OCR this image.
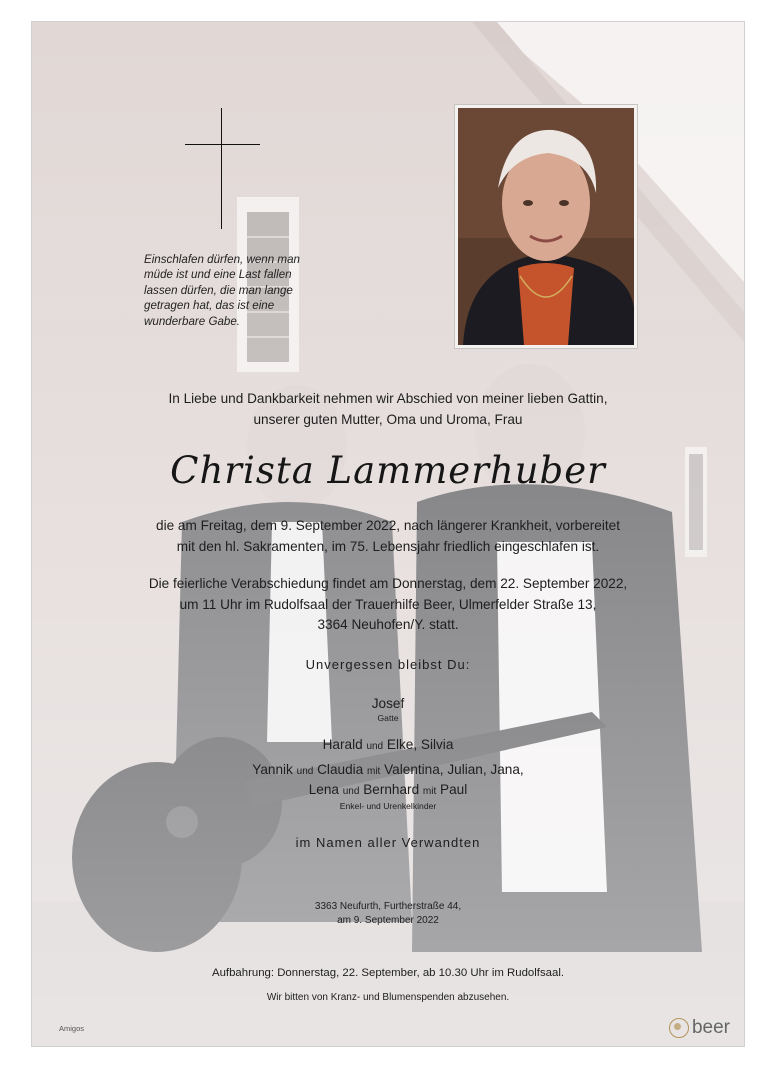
Einschlafen dürfen, wenn man
müde ist und eine Last fallen
lassen dürfen, die man lange
getragen hat, das ist eine
wunderbare Gabe.
In Liebe und Dankbarkeit nehmen wir Abschied von meiner lieben Gattin,
unserer guten Mutter, Oma und Uroma, Frau
Christa Lammerhuber
die am Freitag, dem 9. September 2022, nach längerer Krankheit, vorbereitet
mit den hl. Sakramenten, im 75. Lebensjahr friedlich eingeschlafen ist.
Die feierliche Verabschiedung findet am Donnerstag, dem 22. September 2022,
um 11 Uhr im Rudolfsaal der Trauerhilfe Beer, Ulmerfelder Straße 13,
3364 Neuhofen/Y. statt.
Unvergessen bleibst Du:
Josef
Gatte
Harald und Elke, Silvia
Yannik und Claudia mit Valentina, Julian, Jana,
Lena und Bernhard mit Paul
Enkel- und Urenkelkinder
im Namen aller Verwandten
3363 Neufurth, Furtherstraße 44,
am 9. September 2022
Aufbahrung: Donnerstag, 22. September, ab 10.30 Uhr im Rudolfsaal.
Wir bitten von Kranz- und Blumenspenden abzusehen.
Amigos	beer
